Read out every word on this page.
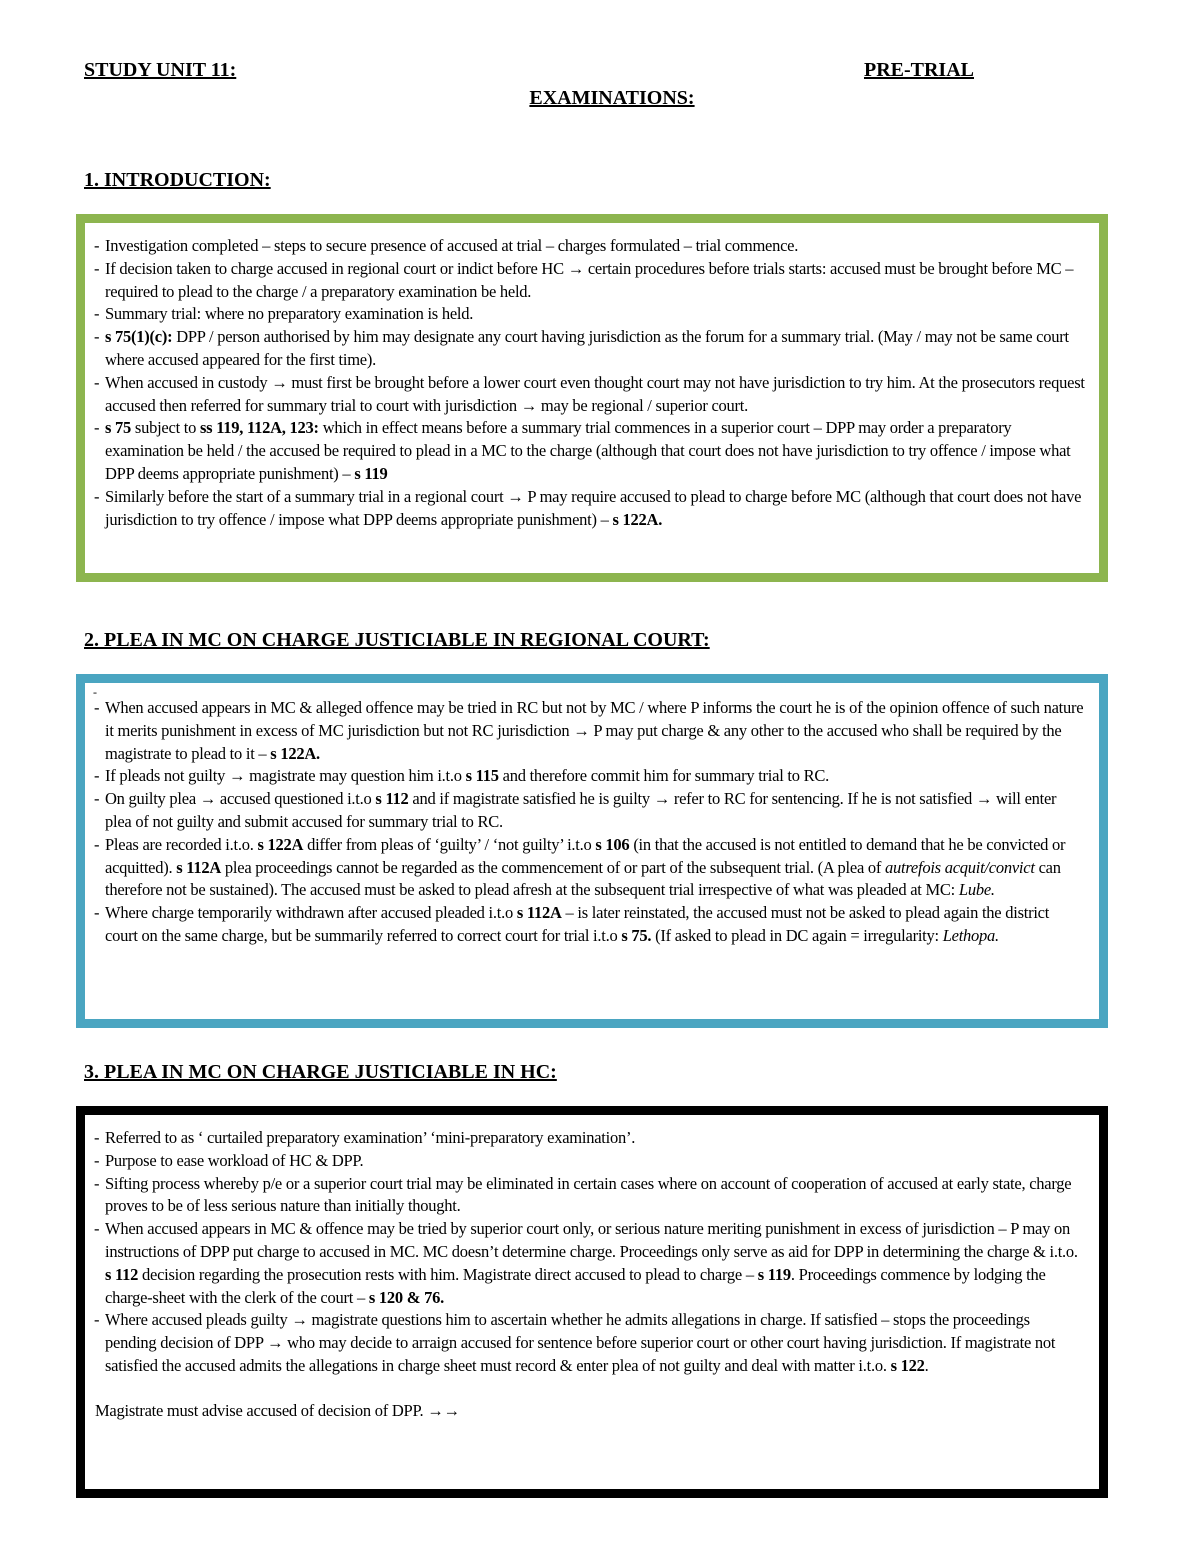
STUDY UNIT 11:	PRE-TRIAL
EXAMINATIONS:
1. INTRODUCTION:
- Investigation completed – steps to secure presence of accused at trial – charges formulated – trial commence.
- If decision taken to charge accused in regional court or indict before HC → certain procedures before trials starts: accused must be brought before MC – required to plead to the charge / a preparatory examination be held.
- Summary trial: where no preparatory examination is held.
- s 75(1)(c): DPP / person authorised by him may designate any court having jurisdiction as the forum for a summary trial. (May / may not be same court where accused appeared for the first time).
- When accused in custody → must first be brought before a lower court even thought court may not have jurisdiction to try him. At the prosecutors request accused then referred for summary trial to court with jurisdiction → may be regional / superior court.
- s 75 subject to ss 119, 112A, 123: which in effect means before a summary trial commences in a superior court – DPP may order a preparatory examination be held / the accused be required to plead in a MC to the charge (although that court does not have jurisdiction to try offence / impose what DPP deems appropriate punishment) – s 119
- Similarly before the start of a summary trial in a regional court → P may require accused to plead to charge before MC (although that court does not have jurisdiction to try offence / impose what DPP deems appropriate punishment) – s 122A.
2. PLEA IN MC ON CHARGE JUSTICIABLE IN REGIONAL COURT:
-
- When accused appears in MC & alleged offence may be tried in RC but not by MC / where P informs the court he is of the opinion offence of such nature it merits punishment in excess of MC jurisdiction but not RC jurisdiction → P may put charge & any other to the accused who shall be required by the magistrate to plead to it – s 122A.
- If pleads not guilty → magistrate may question him i.t.o s 115 and therefore commit him for summary trial to RC.
- On guilty plea → accused questioned i.t.o s 112 and if magistrate satisfied he is guilty → refer to RC for sentencing. If he is not satisfied → will enter plea of not guilty and submit accused for summary trial to RC.
- Pleas are recorded i.t.o. s 122A differ from pleas of ‘guilty’ / ‘not guilty’ i.t.o s 106 (in that the accused is not entitled to demand that he be convicted or acquitted). s 112A plea proceedings cannot be regarded as the commencement of or part of the subsequent trial. (A plea of autrefois acquit/convict can therefore not be sustained). The accused must be asked to plead afresh at the subsequent trial irrespective of what was pleaded at MC: Lube.
- Where charge temporarily withdrawn after accused pleaded i.t.o s 112A – is later reinstated, the accused must not be asked to plead again the district court on the same charge, but be summarily referred to correct court for trial i.t.o s 75. (If asked to plead in DC again = irregularity: Lethopa.
3. PLEA IN MC ON CHARGE JUSTICIABLE IN HC:
- Referred to as ‘ curtailed preparatory examination’ ‘mini-preparatory examination’.
- Purpose to ease workload of HC & DPP.
- Sifting process whereby p/e or a superior court trial may be eliminated in certain cases where on account of cooperation of accused at early state, charge proves to be of less serious nature than initially thought.
- When accused appears in MC & offence may be tried by superior court only, or serious nature meriting punishment in excess of jurisdiction – P may on instructions of DPP put charge to accused in MC. MC doesn’t determine charge. Proceedings only serve as aid for DPP in determining the charge & i.t.o. s 112 decision regarding the prosecution rests with him. Magistrate direct accused to plead to charge – s 119. Proceedings commence by lodging the charge-sheet with the clerk of the court – s 120 & 76.
- Where accused pleads guilty → magistrate questions him to ascertain whether he admits allegations in charge. If satisfied – stops the proceedings pending decision of DPP → who may decide to arraign accused for sentence before superior court or other court having jurisdiction. If magistrate not satisfied the accused admits the allegations in charge sheet must record & enter plea of not guilty and deal with matter i.t.o. s 122.
Magistrate must advise accused of decision of DPP. →→
